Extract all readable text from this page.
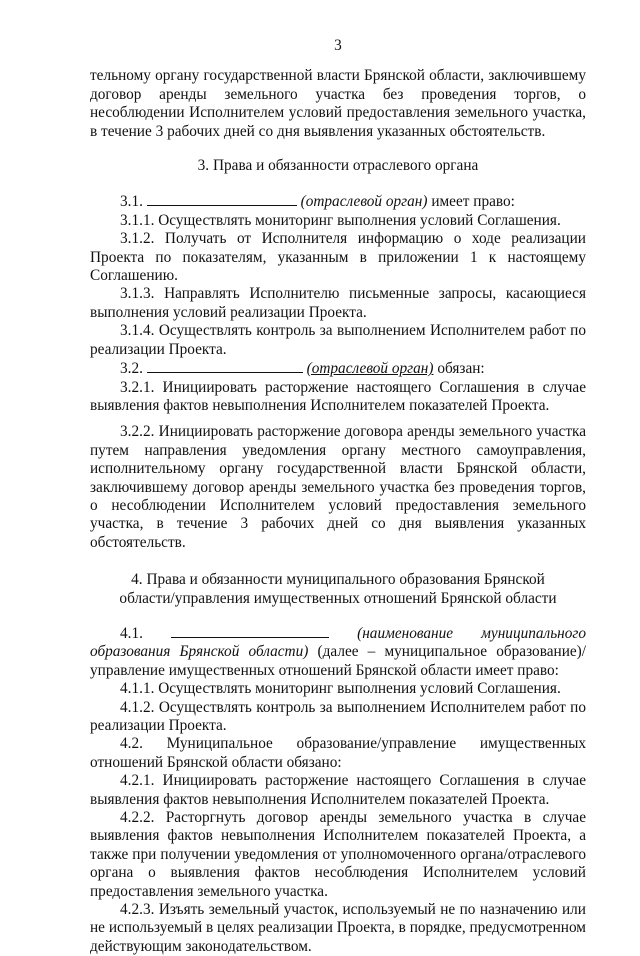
3

тельному органу государственной власти Брянской области, заключившему договор аренды земельного участка без проведения торгов, о несоблюдении Исполнителем условий предоставления земельного участка, в течение 3 рабочих дней со дня выявления указанных обстоятельств.

3. Права и обязанности отраслевого органа

3.1.	(отраслевой орган) имеет право:

3.1.1. Осуществлять мониторинг выполнения условий Соглашения.

3.1.2. Получать от Исполнителя информацию о ходе реализации Проекта по показателям, указанным в приложении 1 к настоящему Соглашению.

3.1.3. Направлять Исполнителю письменные запросы, касающиеся выполнения условий реализации Проекта.

3.1.4. Осуществлять контроль за выполнением Исполнителем работ по реализации Проекта.

3.2.	(отраслевой орган) обязан:

3.2.1. Инициировать расторжение настоящего Соглашения в случае выявления фактов невыполнения Исполнителем показателей Проекта.

3.2.2. Инициировать расторжение договора аренды земельного участка путем направления уведомления органу местного самоуправления, исполнительному органу государственной власти Брянской области, заключившему договор аренды земельного участка без проведения торгов, о несоблюдении Исполнителем условий предоставления земельного участка, в течение 3 рабочих дней со дня выявления указанных обстоятельств.

4. Права и обязанности муниципального образования Брянской
области/управления имущественных отношений Брянской области

4.1.	(наименование муниципального образования Брянской области) (далее – муниципальное образование)/управление имущественных отношений Брянской области имеет право:

4.1.1. Осуществлять мониторинг выполнения условий Соглашения.

4.1.2. Осуществлять контроль за выполнением Исполнителем работ по реализации Проекта.

4.2. Муниципальное образование/управление имущественных отношений Брянской области обязано:

4.2.1. Инициировать расторжение настоящего Соглашения в случае выявления фактов невыполнения Исполнителем показателей Проекта.

4.2.2. Расторгнуть договор аренды земельного участка в случае выявления фактов невыполнения Исполнителем показателей Проекта, а также при получении уведомления от уполномоченного органа/отраслевого органа о выявления фактов несоблюдения Исполнителем условий предоставления земельного участка.

4.2.3. Изъять земельный участок, используемый не по назначению или не используемый в целях реализации Проекта, в порядке, предусмотренном действующим законодательством.
